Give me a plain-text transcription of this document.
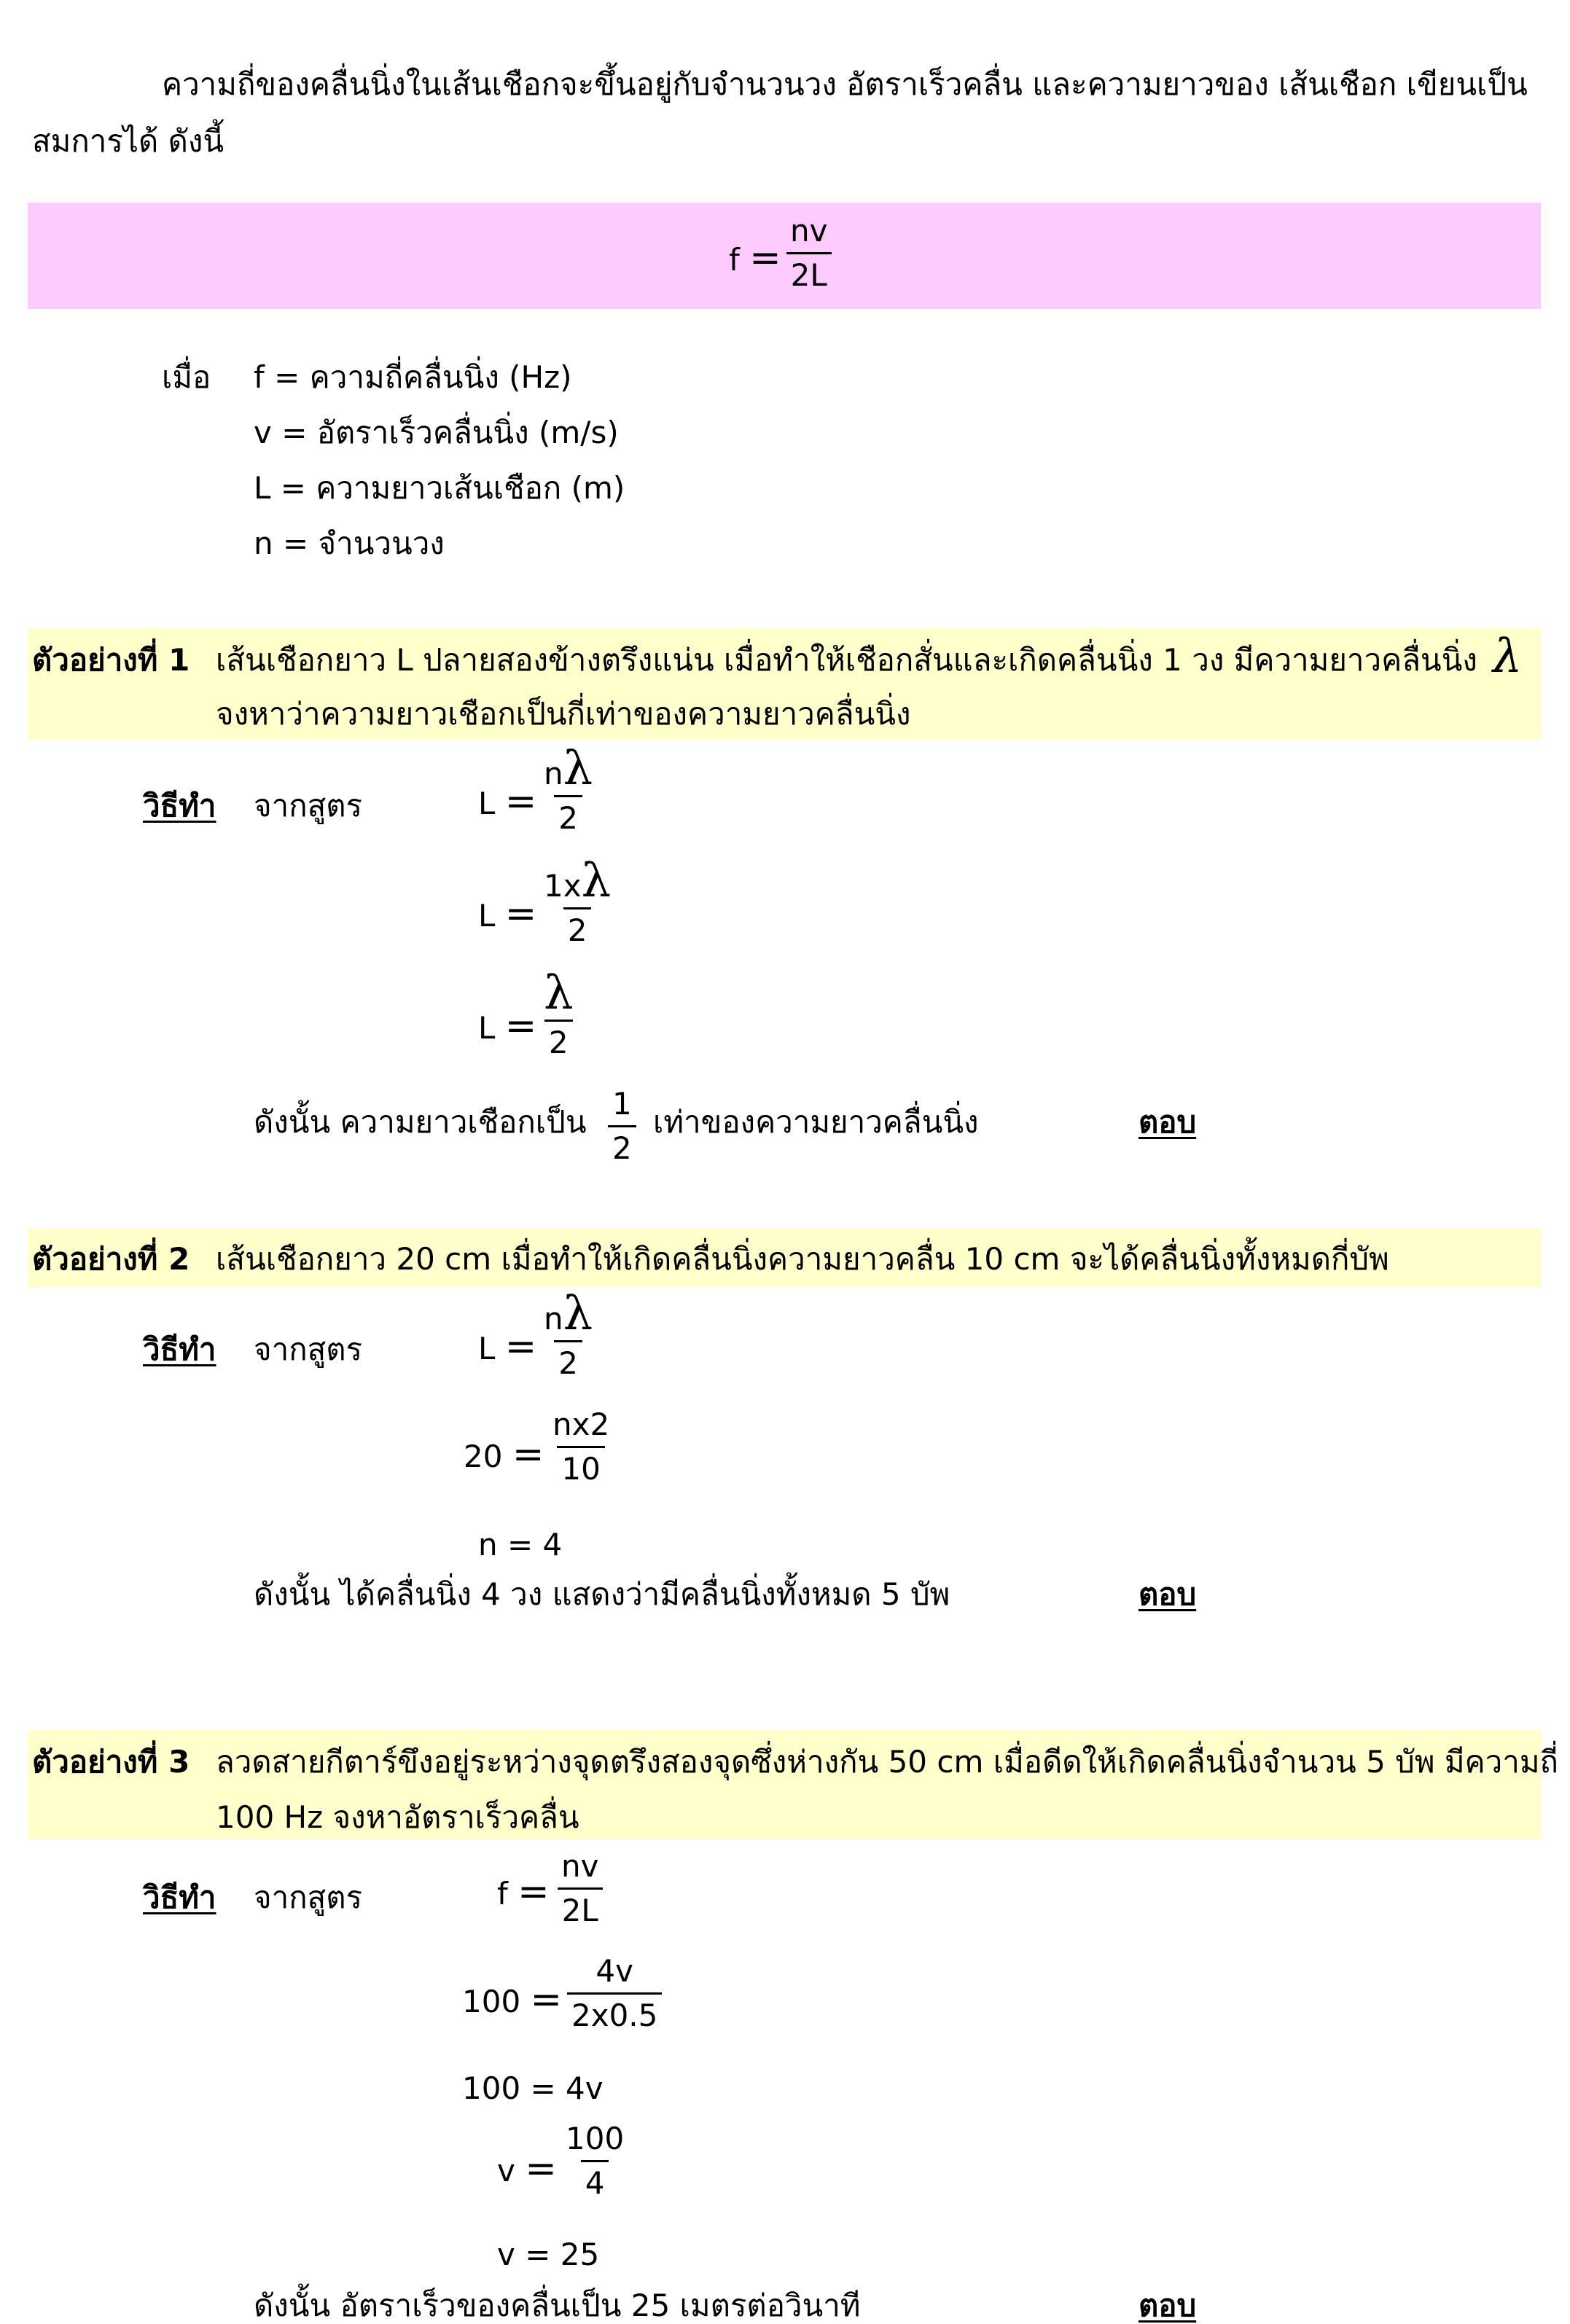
ความถี่ของคลื่นนิ่งในเส้นเชือกจะขึ้นอยู่กับจำนวนวง อัตราเร็วคลื่น และความยาวของ เส้นเชือก เขียนเป็น
สมการได้ ดังนี้
$f = \frac{nv}{2L}$
เมื่อ f = ความถี่คลื่นนิ่ง (Hz)
v = อัตราเร็วคลื่นนิ่ง (m/s)
L = ความยาวเส้นเชือก (m)
n = จำนวนวง
ตัวอย่างที่ 1 เส้นเชือกยาว L ปลายสองข้างตรึงแน่น เมื่อทำให้เชือกสั่นและเกิดคลื่นนิ่ง 1 วง มีความยาวคลื่นนิ่ง λ
จงหาว่าความยาวเชือกเป็นกี่เท่าของความยาวคลื่นนิ่ง
วิธีทำ จากสูตร	$L = \frac{n\lambda}{2}$
$L = \frac{1x\lambda}{2}$
$L = \frac{\lambda}{2}$
ดังนั้น ความยาวเชือกเป็น $\frac{1}{2}$ เท่าของความยาวคลื่นนิ่ง	ตอบ
ตัวอย่างที่ 2 เส้นเชือกยาว 20 cm เมื่อทำให้เกิดคลื่นนิ่งความยาวคลื่น 10 cm จะได้คลื่นนิ่งทั้งหมดกี่บัพ
วิธีทำ จากสูตร	$L = \frac{n\lambda}{2}$
$20 = \frac{nx2}{10}$
n = 4
ดังนั้น ได้คลื่นนิ่ง 4 วง แสดงว่ามีคลื่นนิ่งทั้งหมด 5 บัพ	ตอบ
ตัวอย่างที่ 3 ลวดสายกีตาร์ขึงอยู่ระหว่างจุดตรึงสองจุดซึ่งห่างกัน 50 cm เมื่อดีดให้เกิดคลื่นนิ่งจำนวน 5 บัพ มีความถี่
100 Hz จงหาอัตราเร็วคลื่น
วิธีทำ จากสูตร	$f = \frac{nv}{2L}$
$100 = \frac{4v}{2x0.5}$
100 = 4v
$v = \frac{100}{4}$
v = 25
ดังนั้น อัตราเร็วของคลื่นเป็น 25 เมตรต่อวินาที	ตอบ
